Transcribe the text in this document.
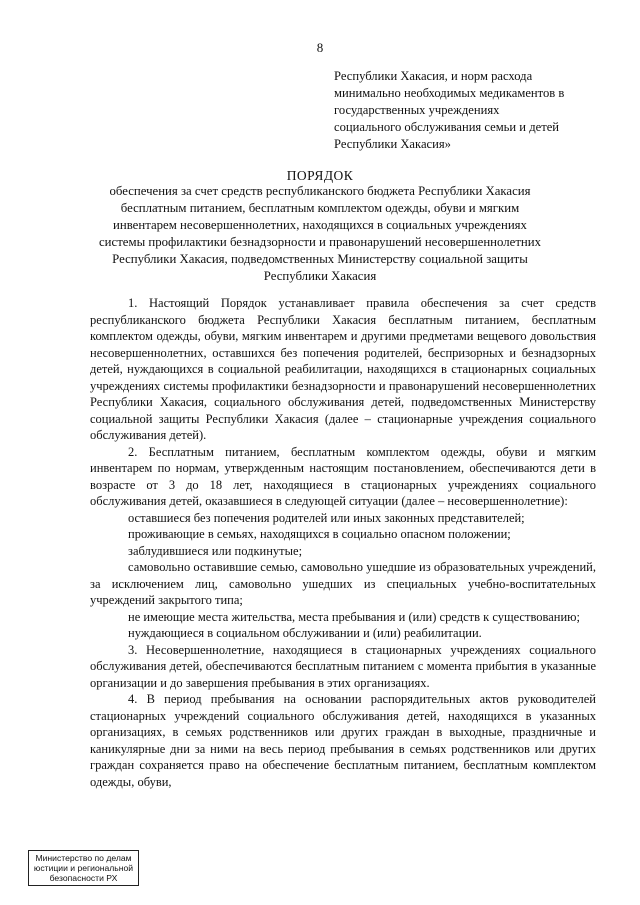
8
Республики Хакасия, и норм расхода
минимально необходимых медикаментов в
государственных учреждениях
социального обслуживания семьи и детей
Республики Хакасия»
ПОРЯДОК
обеспечения за счет средств республиканского бюджета Республики Хакасия
бесплатным питанием, бесплатным комплектом одежды, обуви и мягким
инвентарем несовершеннолетних, находящихся в социальных учреждениях
системы профилактики безнадзорности и правонарушений несовершеннолетних
Республики Хакасия, подведомственных Министерству социальной защиты
Республики Хакасия

1. Настоящий Порядок устанавливает правила обеспечения за счет средств республиканского бюджета Республики Хакасия бесплатным питанием, бесплатным комплектом одежды, обуви, мягким инвентарем и другими предметами вещевого довольствия несовершеннолетних, оставшихся без попечения родителей, беспризорных и безнадзорных детей, нуждающихся в социальной реабилитации, находящихся в стационарных социальных учреждениях системы профилактики безнадзорности и правонарушений несовершеннолетних Республики Хакасия, социального обслуживания детей, подведомственных Министерству социальной защиты Республики Хакасия (далее – стационарные учреждения социального обслуживания детей).

2. Бесплатным питанием, бесплатным комплектом одежды, обуви и мягким инвентарем по нормам, утвержденным настоящим постановлением, обеспечиваются дети в возрасте от 3 до 18 лет, находящиеся в стационарных учреждениях социального обслуживания детей, оказавшиеся в следующей ситуации (далее – несовершеннолетние):

оставшиеся без попечения родителей или иных законных представителей;

проживающие в семьях, находящихся в социально опасном положении;

заблудившиеся или подкинутые;

самовольно оставившие семью, самовольно ушедшие из образовательных учреждений, за исключением лиц, самовольно ушедших из специальных учебно-воспитательных учреждений закрытого типа;

не имеющие места жительства, места пребывания и (или) средств к существованию;

нуждающиеся в социальном обслуживании и (или) реабилитации.

3. Несовершеннолетние, находящиеся в стационарных учреждениях социального обслуживания детей, обеспечиваются бесплатным питанием с момента прибытия в указанные организации и до завершения пребывания в этих организациях.

4. В период пребывания на основании распорядительных актов руководителей стационарных учреждений социального обслуживания детей, находящихся в указанных организациях, в семьях родственников или других граждан в выходные, праздничные и каникулярные дни за ними на весь период пребывания в семьях родственников или других граждан сохраняется право на обеспечение бесплатным питанием, бесплатным комплектом одежды, обуви,

Министерство по делам
юстиции и региональной
безопасности РХ
